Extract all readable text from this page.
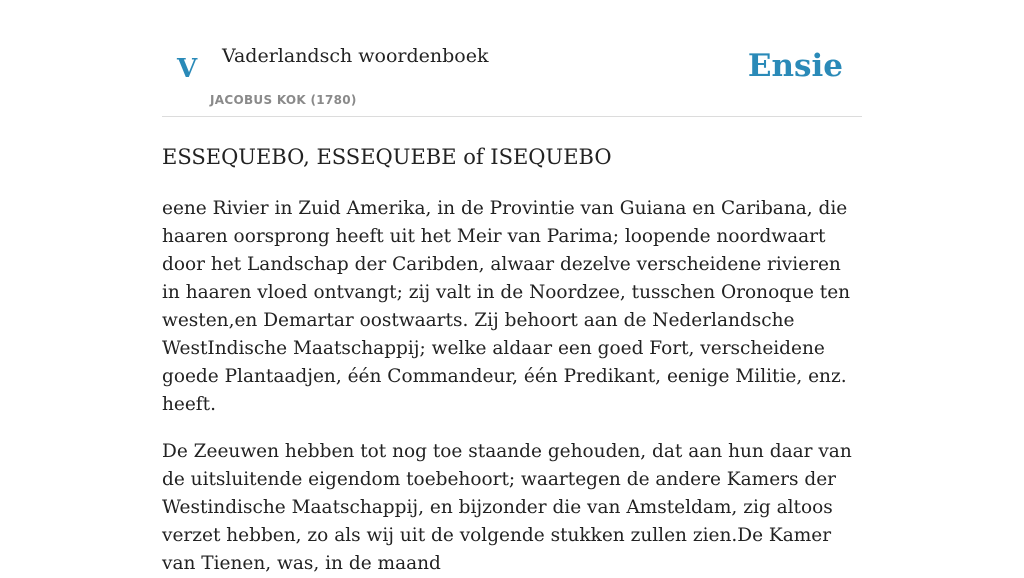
V Vaderlandsch woordenboek
JACOBUS KOK (1780)
Ensie
ESSEQUEBO, ESSEQUEBE of ISEQUEBO

eene Rivier in Zuid Amerika, in de Provintie van Guiana en Caribana, die haaren oorsprong heeft uit het Meir van Parima; loopende noordwaart door het Landschap der Caribden, alwaar dezelve verscheidene rivieren in haaren vloed ontvangt; zij valt in de Noordzee, tusschen Oronoque ten westen,en Demartar oostwaarts. Zij behoort aan de Nederlandsche WestIndische Maatschappij; welke aldaar een goed Fort, verscheidene goede Plantaadjen, één Commandeur, één Predikant, eenige Militie, enz. heeft.

De Zeeuwen hebben tot nog toe staande gehouden, dat aan hun daar van de uitsluitende eigendom toebehoort; waartegen de andere Kamers der Westindische Maatschappij, en bijzonder die van Amsteldam, zig altoos verzet hebben, zo als wij uit de volgende stukken zullen zien.De Kamer van Tienen, was, in de maand
